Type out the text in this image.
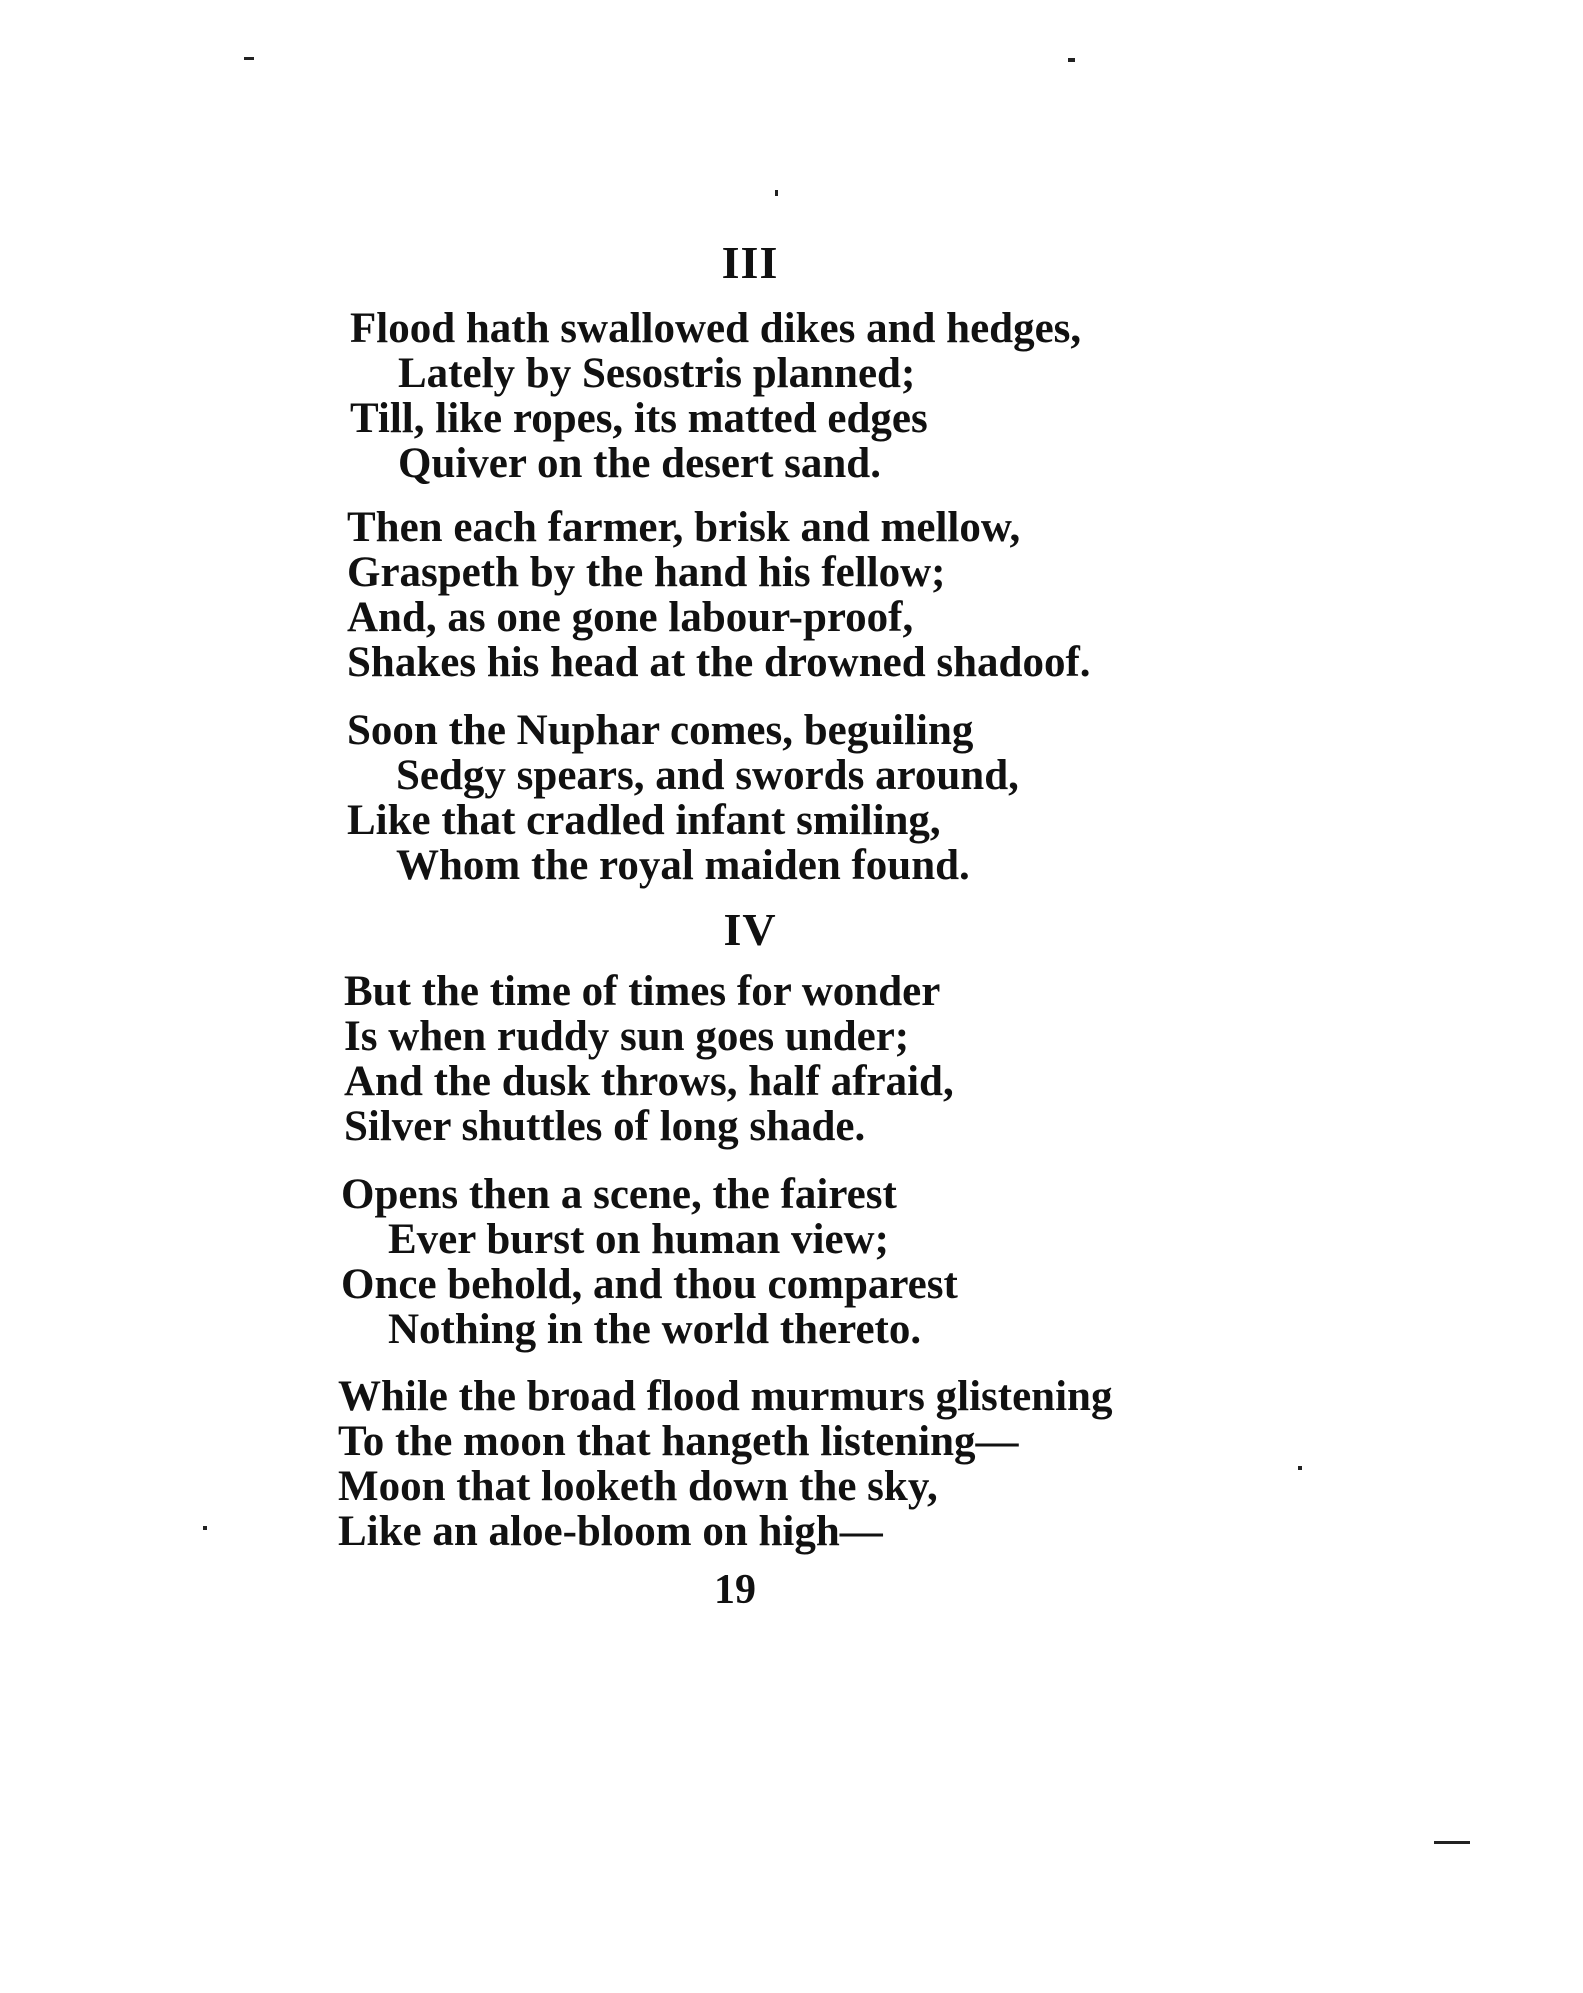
III
Flood hath swallowed dikes and hedges,
Lately by Sesostris planned;
Till, like ropes, its matted edges
Quiver on the desert sand.
Then each farmer, brisk and mellow,
Graspeth by the hand his fellow;
And, as one gone labour-proof,
Shakes his head at the drowned shadoof.
Soon the Nuphar comes, beguiling
Sedgy spears, and swords around,
Like that cradled infant smiling,
Whom the royal maiden found.
IV
But the time of times for wonder
Is when ruddy sun goes under;
And the dusk throws, half afraid,
Silver shuttles of long shade.
Opens then a scene, the fairest
Ever burst on human view;
Once behold, and thou comparest
Nothing in the world thereto.
While the broad flood murmurs glistening
To the moon that hangeth listening—
Moon that looketh down the sky,
Like an aloe-bloom on high—
19
